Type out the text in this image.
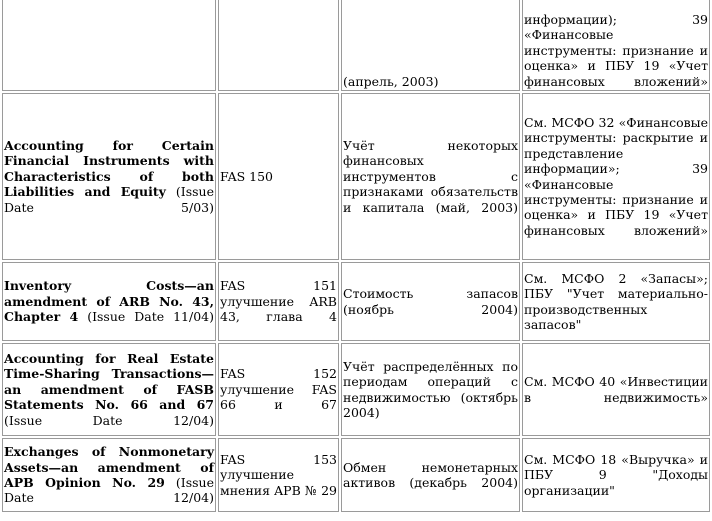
		(апрель, 2003)	информации); 39 «Финансовые инструменты: признание и оценка» и ПБУ 19 «Учет финансовых вложений»
Accounting for Certain Financial Instruments with Characteristics of both Liabilities and Equity (Issue Date 5/03)	FAS 150	Учёт некоторых финансовых инструментов с признаками обязательств и капитала (май, 2003)	См. МСФО 32 «Финансовые инструменты: раскрытие и представление информации»; 39 «Финансовые инструменты: признание и оценка» и ПБУ 19 «Учет финансовых вложений»
Inventory Costs—an amendment of ARB No. 43, Chapter 4 (Issue Date 11/04)	FAS 151 улучшение ARB 43, глава 4	Стоимость запасов (ноябрь 2004)	См. МСФО 2 «Запасы»; ПБУ "Учет материально-производственных запасов"
Accounting for Real Estate Time-Sharing Transactions—an amendment of FASB Statements No. 66 and 67 (Issue Date 12/04)	FAS 152 улучшение FAS 66 и 67	Учёт распределённых по периодам операций с недвижимостью (октябрь 2004)	См. МСФО 40 «Инвестиции в недвижимость»
Exchanges of Nonmonetary Assets—an amendment of APB Opinion No. 29 (Issue Date 12/04)	FAS 153 улучшение мнения APB № 29	Обмен немонетарных активов (декабрь 2004)	См. МСФО 18 «Выручка» и ПБУ 9 "Доходы организации"
